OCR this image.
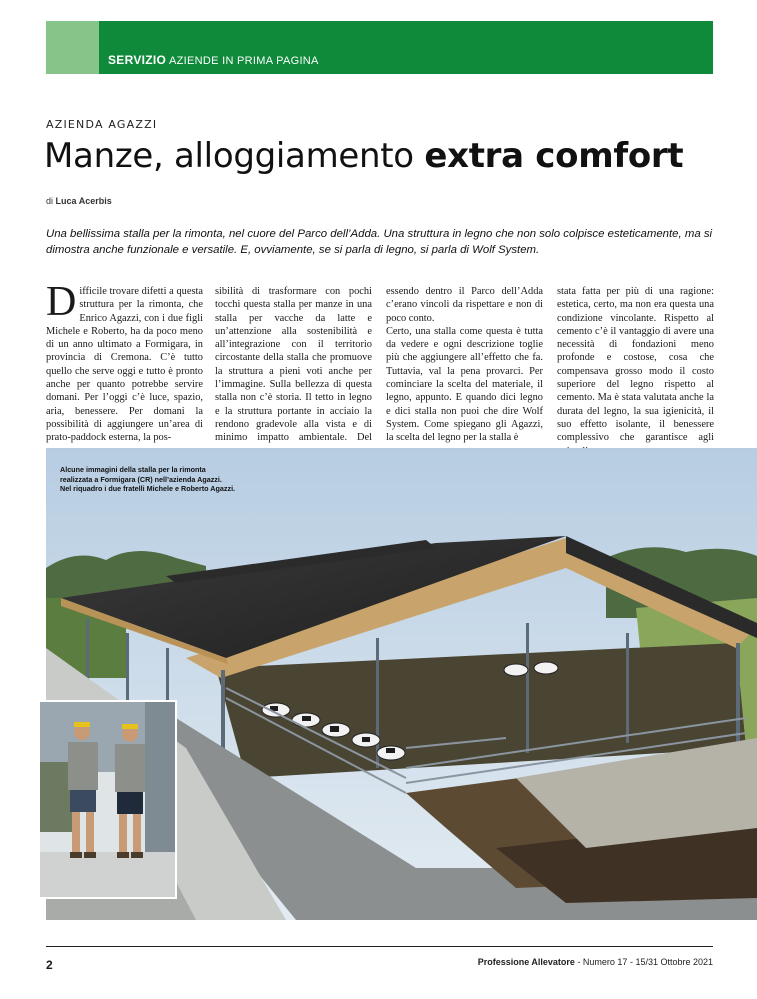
SERVIZIO AZIENDE IN PRIMA PAGINA
AZIENDA AGAZZI
Manze, alloggiamento extra comfort
di Luca Acerbis
Una bellissima stalla per la rimonta, nel cuore del Parco dell’Adda. Una struttura in legno che non solo colpisce esteticamente, ma si dimostra anche funzionale e versatile. E, ovviamente, se si parla di legno, si parla di Wolf System.
Difficile trovare difetti a questa struttura per la rimonta, che Enrico Agazzi, con i due figli Michele e Roberto, ha da poco meno di un anno ultimato a Formigara, in provincia di Cremona. C’è tutto quello che serve oggi e tutto è pronto anche per quanto potrebbe servire domani. Per l’oggi c’è luce, spazio, aria, benessere. Per domani la possibilità di aggiungere un’area di prato-paddock esterna, la pos-
sibilità di trasformare con pochi tocchi questa stalla per manze in una stalla per vacche da latte e un’attenzione alla sostenibilità e all’integrazione con il territorio circostante della stalla che promuove la struttura a pieni voti anche per l’immagine. Sulla bellezza di questa stalla non c’è storia. Il tetto in legno e la struttura portante in acciaio la rendono gradevole alla vista e di minimo impatto ambientale. Del
essendo dentro il Parco dell’Adda c’erano vincoli da rispettare e non di poco conto.
Certo, una stalla come questa è tutta da vedere e ogni descrizione toglie più che aggiungere all’effetto che fa. Tuttavia, val la pena provarci. Per cominciare la scelta del materiale, il legno, appunto. E quando dici legno e dici stalla non puoi che dire Wolf System. Come spiegano gli Agazzi, la scelta del legno per la stalla è
stata fatta per più di una ragione: estetica, certo, ma non era questa una condizione vincolante. Rispetto al cemento c’è il vantaggio di avere una necessità di fondazioni meno profonde e costose, cosa che compensava grosso modo il costo superiore del legno rispetto al cemento. Ma è stata valutata anche la durata del legno, la sua igienicità, il suo effetto isolante, il benessere complessivo che garantisce agli
Alcune immagini della stalla per la rimonta
realizzata a Formigara (CR) nell’azienda Agazzi.
Nel riquadro i due fratelli Michele e Roberto Agazzi.
2	Professione Allevatore - Numero 17 - 15/31 Ottobre 2021
